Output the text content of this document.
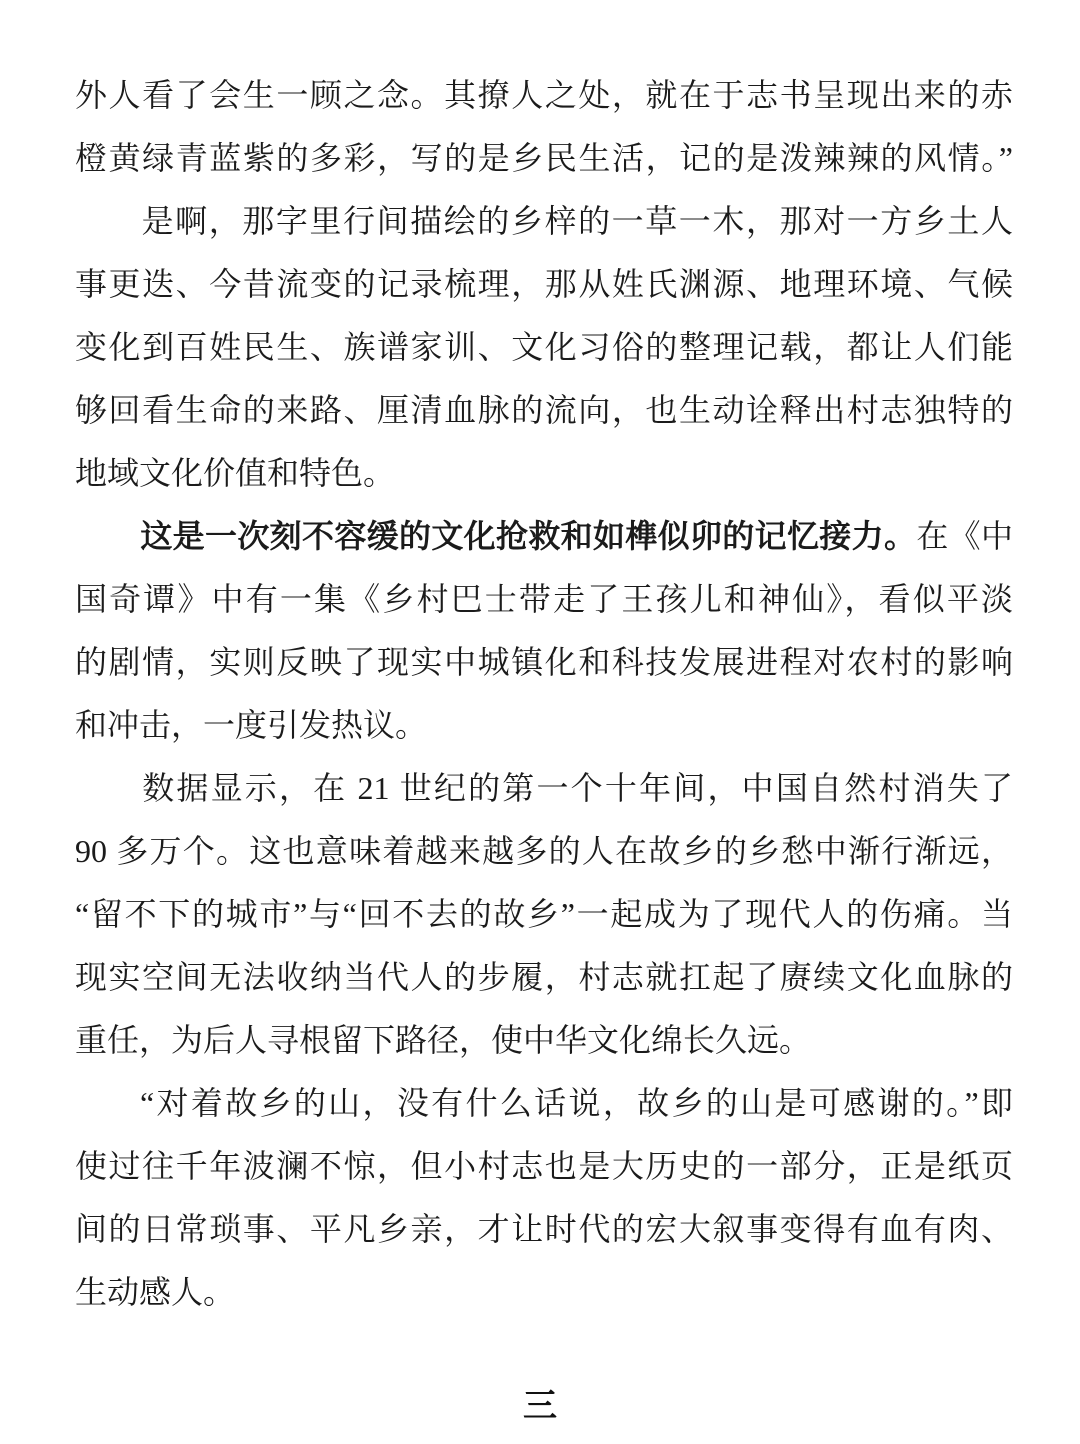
外人看了会生一顾之念。其撩人之处，就在于志书呈现出来的赤
橙黄绿青蓝紫的多彩，写的是乡民生活，记的是泼辣辣的风情。”
是啊，那字里行间描绘的乡梓的一草一木，那对一方乡土人
事更迭、今昔流变的记录梳理，那从姓氏渊源、地理环境、气候
变化到百姓民生、族谱家训、文化习俗的整理记载，都让人们能
够回看生命的来路、厘清血脉的流向，也生动诠释出村志独特的
地域文化价值和特色。
这是一次刻不容缓的文化抢救和如榫似卯的记忆接力。在《中
国奇谭》中有一集《乡村巴士带走了王孩儿和神仙》，看似平淡
的剧情，实则反映了现实中城镇化和科技发展进程对农村的影响
和冲击，一度引发热议。
数据显示，在 21 世纪的第一个十年间，中国自然村消失了
90 多万个。这也意味着越来越多的人在故乡的乡愁中渐行渐远，
“留不下的城市”与“回不去的故乡”一起成为了现代人的伤痛。当
现实空间无法收纳当代人的步履，村志就扛起了赓续文化血脉的
重任，为后人寻根留下路径，使中华文化绵长久远。
“对着故乡的山，没有什么话说，故乡的山是可感谢的。”即
使过往千年波澜不惊，但小村志也是大历史的一部分，正是纸页
间的日常琐事、平凡乡亲，才让时代的宏大叙事变得有血有肉、
生动感人。
三
